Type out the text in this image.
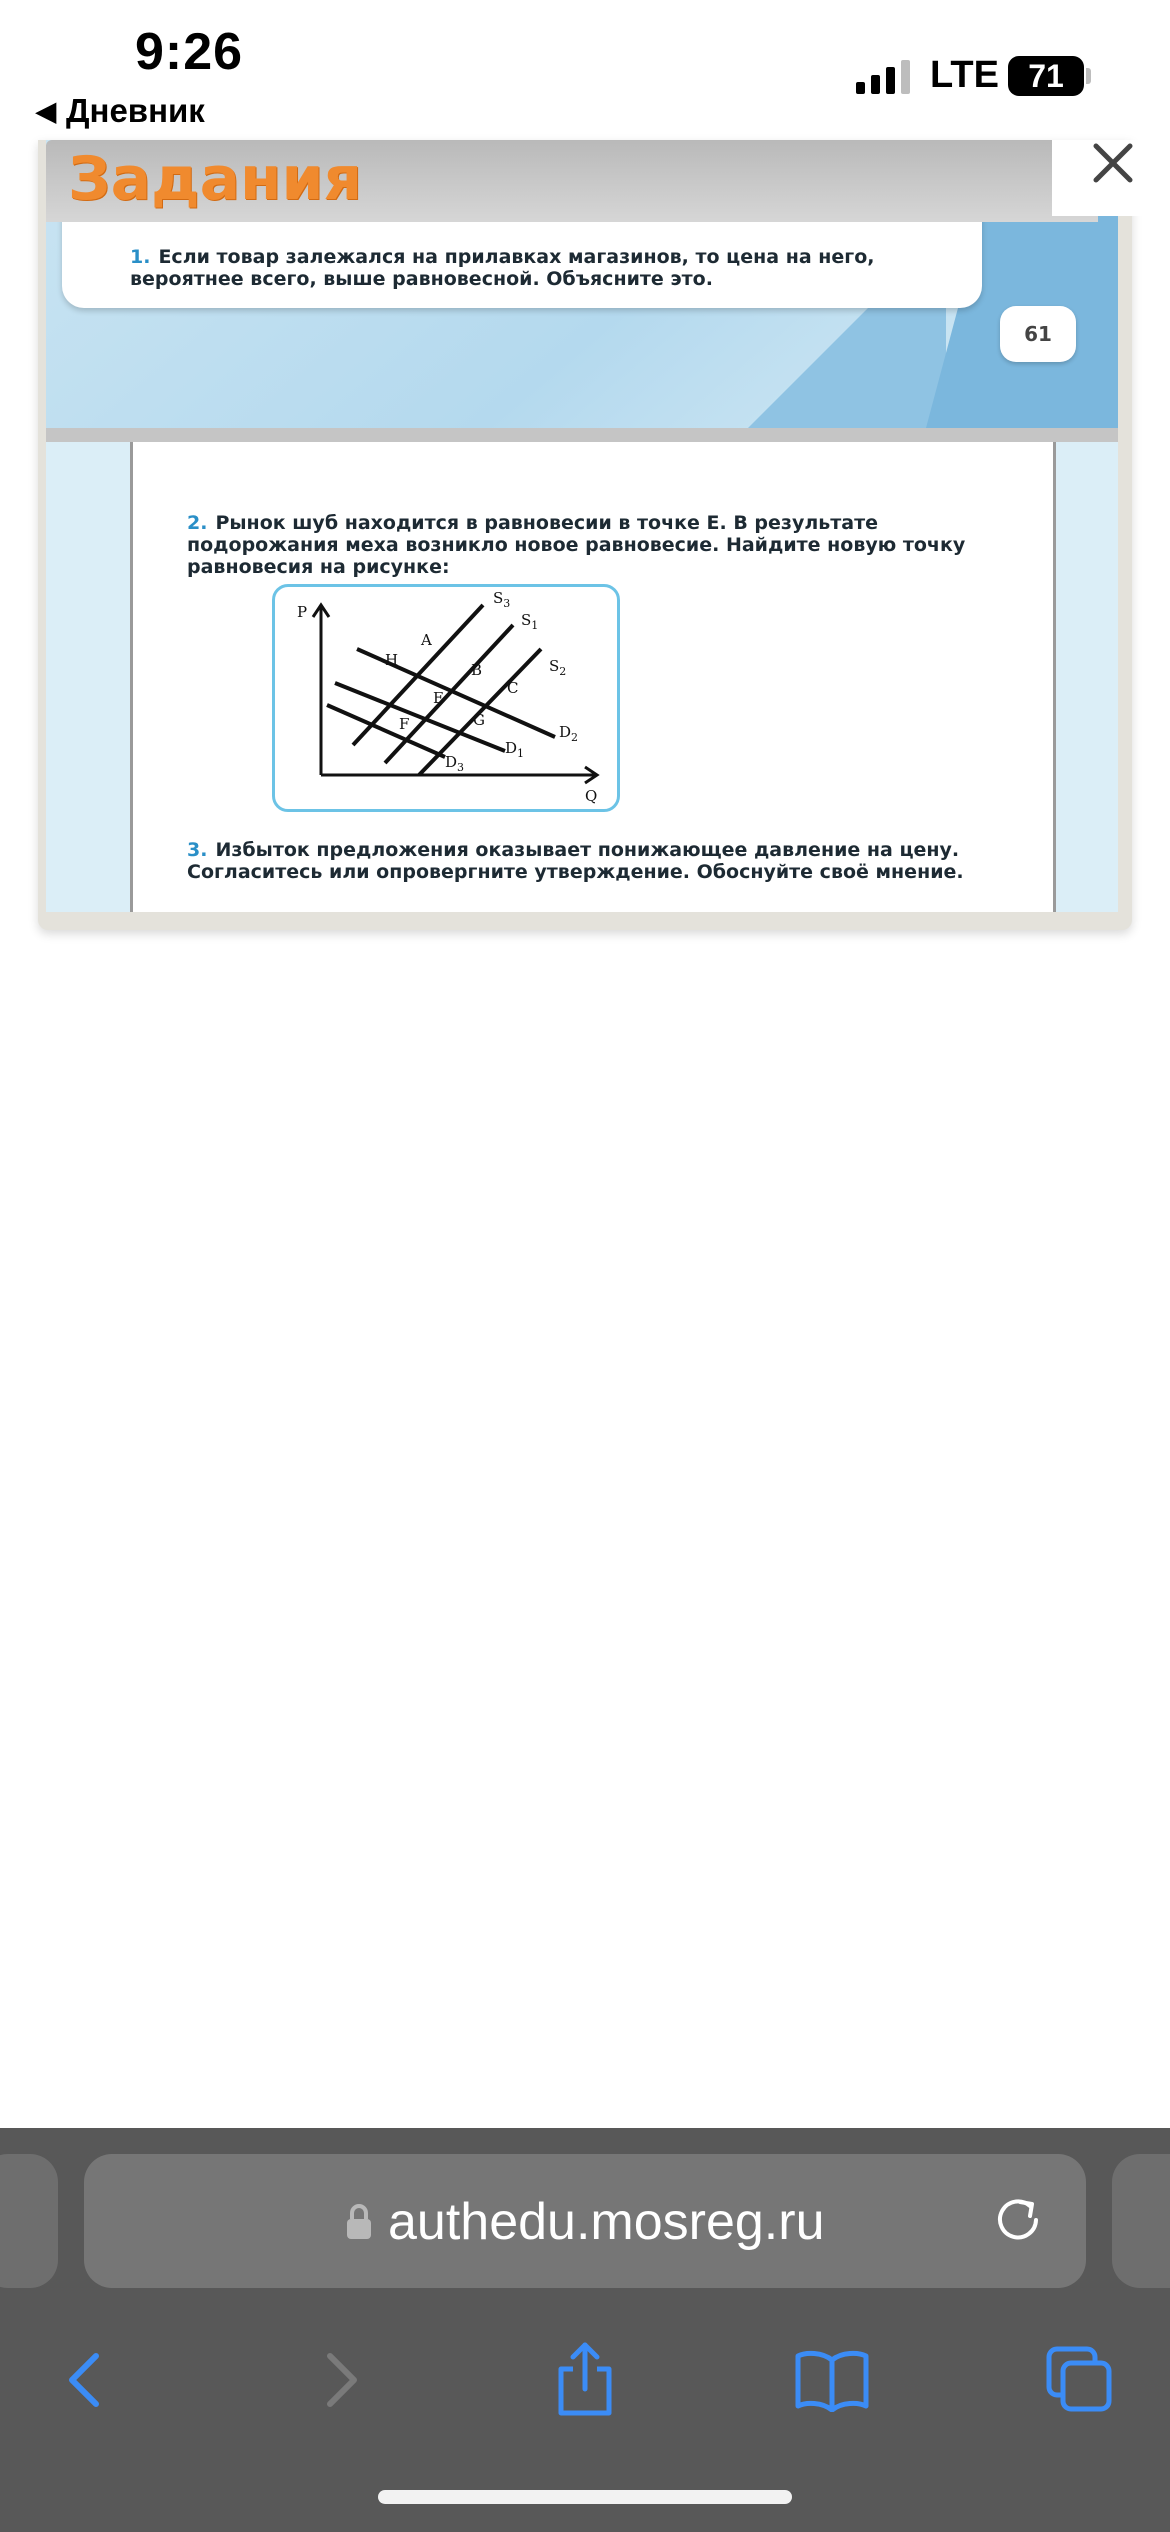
9:26
◀ Дневник
LTE 71
1. Если товар залежался на прилавках магазинов, то цена на него, вероятнее всего, выше равновесной. Объясните это.
Задания
61
2. Рынок шуб находится в равновесии в точке E. В результате подорожания меха возникло новое равновесие. Найдите новую точку равновесия на рисунке:
3. Избыток предложения оказывает понижающее давление на цену. Согласитесь или опровергните утверждение. Обоснуйте своё мнение.
P
Q
$S_3$
$S_1$
$S_2$
$D_2$
$D_1$
$D_3$
A
H
B
C
E
G
F
authedu.mosreg.ru
